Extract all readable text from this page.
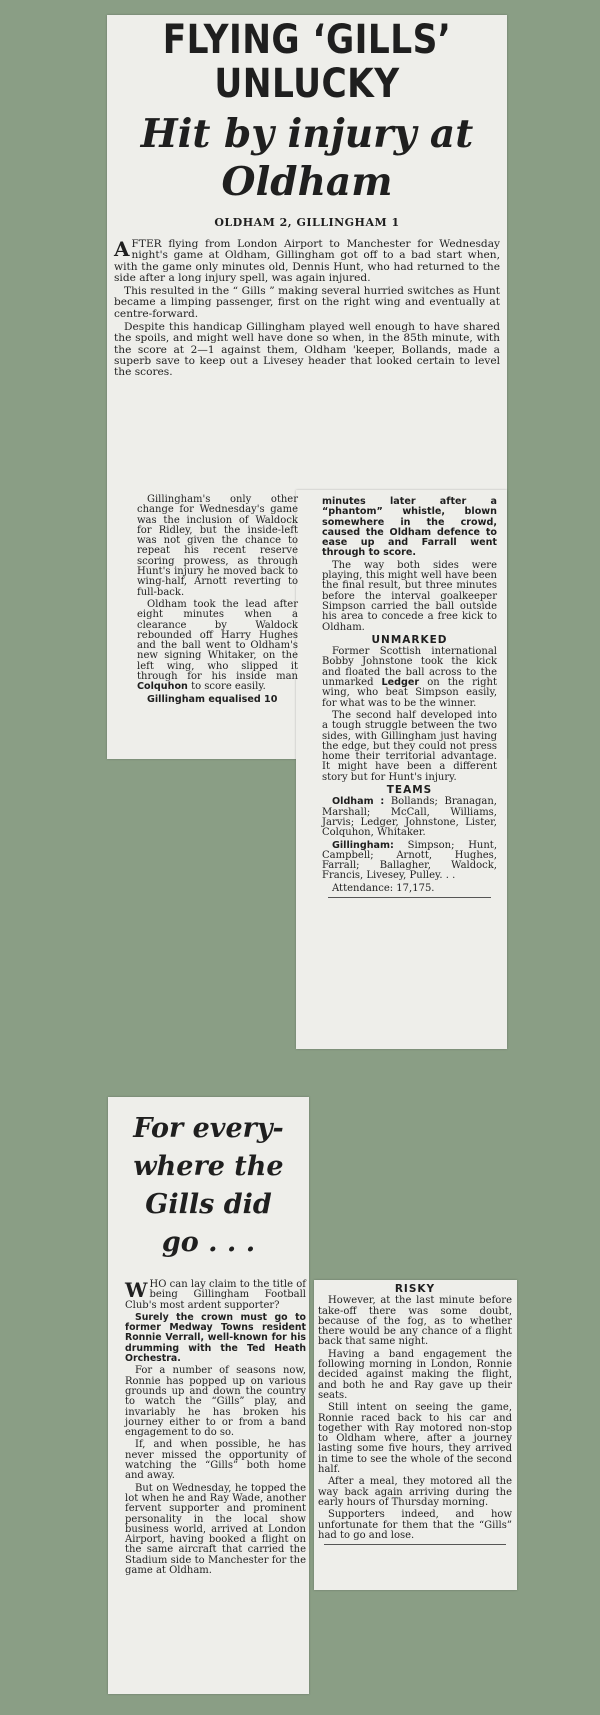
FLYING ‘GILLS’
UNLUCKY
Hit by injury at
Oldham
OLDHAM 2, GILLINGHAM 1

AFTER flying from London Airport to Manchester for Wednesday night's game at Oldham, Gillingham got off to a bad start when, with the game only minutes old, Dennis Hunt, who had returned to the side after a long injury spell, was again injured.

This resulted in the “ Gills ” making several hurried switches as Hunt became a limping passenger, first on the right wing and eventually at centre-forward.

Despite this handicap Gillingham played well enough to have shared the spoils, and might well have done so when, in the 85th minute, with the score at 2—1 against them, Oldham 'keeper, Bollands, made a superb save to keep out a Livesey header that looked certain to level the scores.

Gillingham's only other change for Wednesday's game was the inclusion of Waldock for Ridley, but the inside-left was not given the chance to repeat his recent reserve scoring prowess, as through Hunt's injury he moved back to wing-half, Arnott reverting to full-back.

Oldham took the lead after eight minutes when a clearance by Waldock rebounded off Harry Hughes and the ball went to Oldham's new signing Whitaker, on the left wing, who slipped it through for his inside man Colquhon to score easily.

Gillingham equalised 10

minutes later after a “phantom” whistle, blown somewhere in the crowd, caused the Oldham defence to ease up and Farrall went through to score.

The way both sides were playing, this might well have been the final result, but three minutes before the interval goalkeeper Simpson carried the ball outside his area to concede a free kick to Oldham.

UNMARKED

Former Scottish international Bobby Johnstone took the kick and floated the ball across to the unmarked Ledger on the right wing, who beat Simpson easily, for what was to be the winner.

The second half developed into a tough struggle between the two sides, with Gillingham just having the edge, but they could not press home their territorial advantage. It might have been a different story but for Hunt's injury.

TEAMS

Oldham : Bollands; Branagan, Marshall; McCall, Williams, Jarvis; Ledger, Johnstone, Lister, Colquhon, Whitaker.

Gillingham: Simpson; Hunt, Campbell; Arnott, Hughes, Farrall; Ballagher, Waldock, Francis, Livesey, Pulley. . .

Attendance: 17,175.

For every-
where the
Gills did
go . . .

WHO can lay claim to the title of being Gillingham Football Club's most ardent supporter?

Surely the crown must go to former Medway Towns resident Ronnie Verrall, well-known for his drumming with the Ted Heath Orchestra.

For a number of seasons now, Ronnie has popped up on various grounds up and down the country to watch the “Gills” play, and invariably he has broken his journey either to or from a band engagement to do so.

If, and when possible, he has never missed the opportunity of watching the “Gills” both home and away.

But on Wednesday, he topped the lot when he and Ray Wade, another fervent supporter and prominent personality in the local show business world, arrived at London Airport, having booked a flight on the same aircraft that carried the Stadium side to Manchester for the game at Oldham.

RISKY

However, at the last minute before take-off there was some doubt, because of the fog, as to whether there would be any chance of a flight back that same night.

Having a band engagement the following morning in London, Ronnie decided against making the flight, and both he and Ray gave up their seats.

Still intent on seeing the game, Ronnie raced back to his car and together with Ray motored non-stop to Oldham where, after a journey lasting some five hours, they arrived in time to see the whole of the second half.

After a meal, they motored all the way back again arriving during the early hours of Thursday morning.

Supporters indeed, and how unfortunate for them that the “Gills” had to go and lose.
